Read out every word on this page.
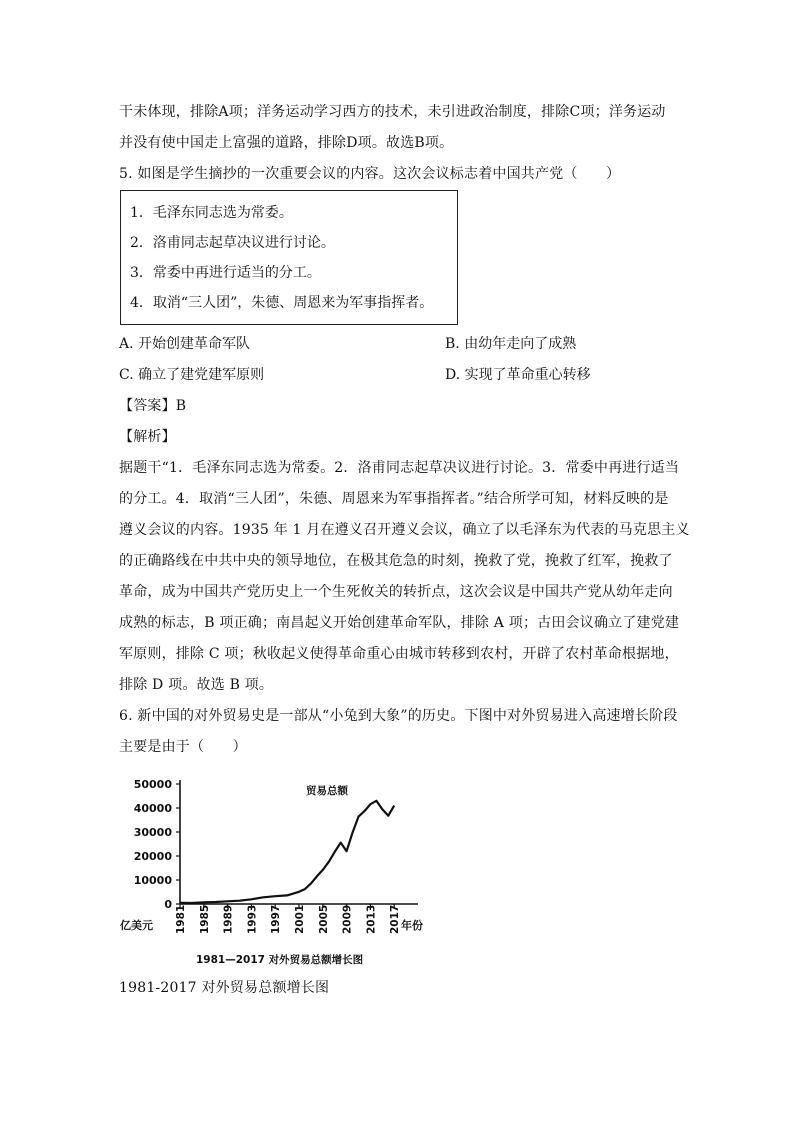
干未体现，排除A项；洋务运动学习西方的技术，未引进政治制度，排除C项；洋务运动
并没有使中国走上富强的道路，排除D项。故选B项。
5. 如图是学生摘抄的一次重要会议的内容。这次会议标志着中国共产党（　　）
1．毛泽东同志选为常委。
2．洛甫同志起草决议进行讨论。
3．常委中再进行适当的分工。
4．取消“三人团”，朱德、周恩来为军事指挥者。
A. 开始创建革命军队	B. 由幼年走向了成熟
C. 确立了建党建军原则	D. 实现了革命重心转移
【答案】B
【解析】
据题干“1．毛泽东同志选为常委。2．洛甫同志起草决议进行讨论。3．常委中再进行适当
的分工。4．取消“三人团”，朱德、周恩来为军事指挥者。”结合所学可知，材料反映的是
遵义会议的内容。1935 年 1 月在遵义召开遵义会议，确立了以毛泽东为代表的马克思主义
的正确路线在中共中央的领导地位，在极其危急的时刻，挽救了党，挽救了红军，挽救了
革命，成为中国共产党历史上一个生死攸关的转折点，这次会议是中国共产党从幼年走向
成熟的标志，B 项正确；南昌起义开始创建革命军队，排除 A 项；古田会议确立了建党建
军原则，排除 C 项；秋收起义使得革命重心由城市转移到农村，开辟了农村革命根据地，
排除 D 项。故选 B 项。
6. 新中国的对外贸易史是一部从“小兔到大象”的历史。下图中对外贸易进入高速增长阶段
主要是由于（　　）
0
10000
20000
30000
40000
50000
1981 1985 1989 1993 1997 2001 2005 2009 2013 2017
贸易总额
亿美元	年份
1981—2017 对外贸易总额增长图
1981-2017 对外贸易总额增长图
